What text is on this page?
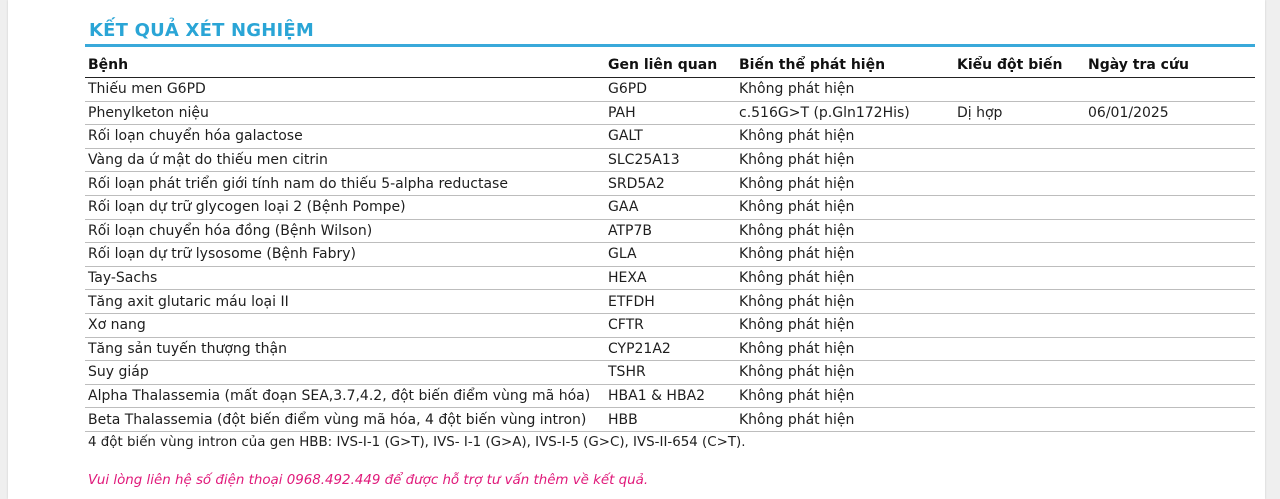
KẾT QUẢ XÉT NGHIỆM
Bệnh	Gen liên quan	Biến thể phát hiện	Kiểu đột biến	Ngày tra cứu
Thiếu men G6PD	G6PD	Không phát hiện		
Phenylketon niệu	PAH	c.516G>T (p.Gln172His)	Dị hợp	06/01/2025
Rối loạn chuyển hóa galactose	GALT	Không phát hiện		
Vàng da ứ mật do thiếu men citrin	SLC25A13	Không phát hiện		
Rối loạn phát triển giới tính nam do thiếu 5-alpha reductase	SRD5A2	Không phát hiện		
Rối loạn dự trữ glycogen loại 2 (Bệnh Pompe)	GAA	Không phát hiện		
Rối loạn chuyển hóa đồng (Bệnh Wilson)	ATP7B	Không phát hiện		
Rối loạn dự trữ lysosome (Bệnh Fabry)	GLA	Không phát hiện		
Tay-Sachs	HEXA	Không phát hiện		
Tăng axit glutaric máu loại II	ETFDH	Không phát hiện		
Xơ nang	CFTR	Không phát hiện		
Tăng sản tuyến thượng thận	CYP21A2	Không phát hiện		
Suy giáp	TSHR	Không phát hiện		
Alpha Thalassemia (mất đoạn SEA,3.7,4.2, đột biến điểm vùng mã hóa)	HBA1 & HBA2	Không phát hiện		
Beta Thalassemia (đột biến điểm vùng mã hóa, 4 đột biến vùng intron)	HBB	Không phát hiện		
4 đột biến vùng intron của gen HBB: IVS-I-1 (G>T), IVS- I-1 (G>A), IVS-I-5 (G>C), IVS-II-654 (C>T).
Vui lòng liên hệ số điện thoại 0968.492.449 để được hỗ trợ tư vấn thêm về kết quả.
